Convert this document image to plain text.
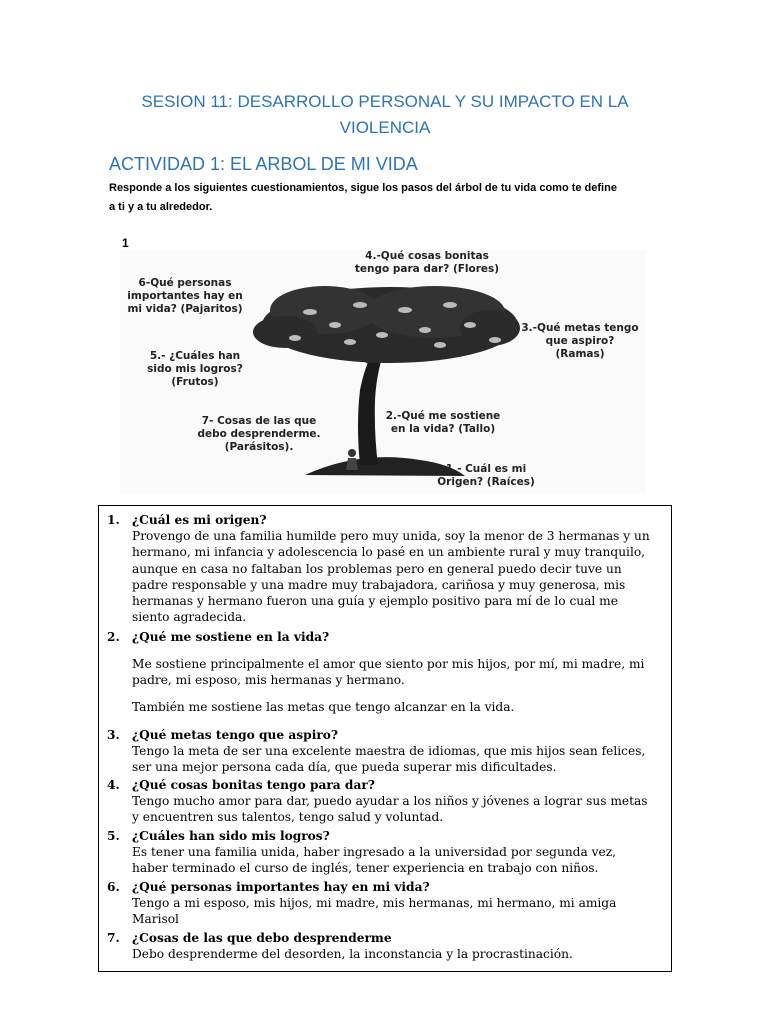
SESION 11: DESARROLLO PERSONAL Y SU IMPACTO EN LA
VIOLENCIA
ACTIVIDAD 1: EL ARBOL DE MI VIDA
Responde a los siguientes cuestionamientos, sigue los pasos del árbol de tu vida como te define
a ti y a tu alrededor.
1
4.-Qué cosas bonitas
tengo para dar? (Flores)
6-Qué personas
importantes hay en
mi vida? (Pajaritos)
3.-Qué metas tengo
que aspiro?
(Ramas)
5.- ¿Cuáles han
sido mis logros?
(Frutos)
2.-Qué me sostiene
en la vida? (Tallo)
7- Cosas de las que
debo desprenderme.
(Parásitos).
1.- Cuál es mi
Origen? (Raíces)
1. ¿Cuál es mi origen?
Provengo de una familia humilde pero muy unida, soy la menor de 3 hermanas y un
hermano, mi infancia y adolescencia lo pasé en un ambiente rural y muy tranquilo,
aunque en casa no faltaban los problemas pero en general puedo decir tuve un
padre responsable y una madre muy trabajadora, cariñosa y muy generosa, mis
hermanas y hermano fueron una guía y ejemplo positivo para mí de lo cual me
siento agradecida.
2. ¿Qué me sostiene en la vida?
Me sostiene principalmente el amor que siento por mis hijos, por mí, mi madre, mi
padre, mi esposo, mis hermanas y hermano.
También me sostiene las metas que tengo alcanzar en la vida.
3. ¿Qué metas tengo que aspiro?
Tengo la meta de ser una excelente maestra de idiomas, que mis hijos sean felices,
ser una mejor persona cada día, que pueda superar mis dificultades.
4. ¿Qué cosas bonitas tengo para dar?
Tengo mucho amor para dar, puedo ayudar a los niños y jóvenes a lograr sus metas
y encuentren sus talentos, tengo salud y voluntad.
5. ¿Cuáles han sido mis logros?
Es tener una familia unida, haber ingresado a la universidad por segunda vez,
haber terminado el curso de inglés, tener experiencia en trabajo con niños.
6. ¿Qué personas importantes hay en mi vida?
Tengo a mi esposo, mis hijos, mi madre, mis hermanas, mi hermano, mi amiga
Marisol
7. ¿Cosas de las que debo desprenderme
Debo desprenderme del desorden, la inconstancia y la procrastinación.
